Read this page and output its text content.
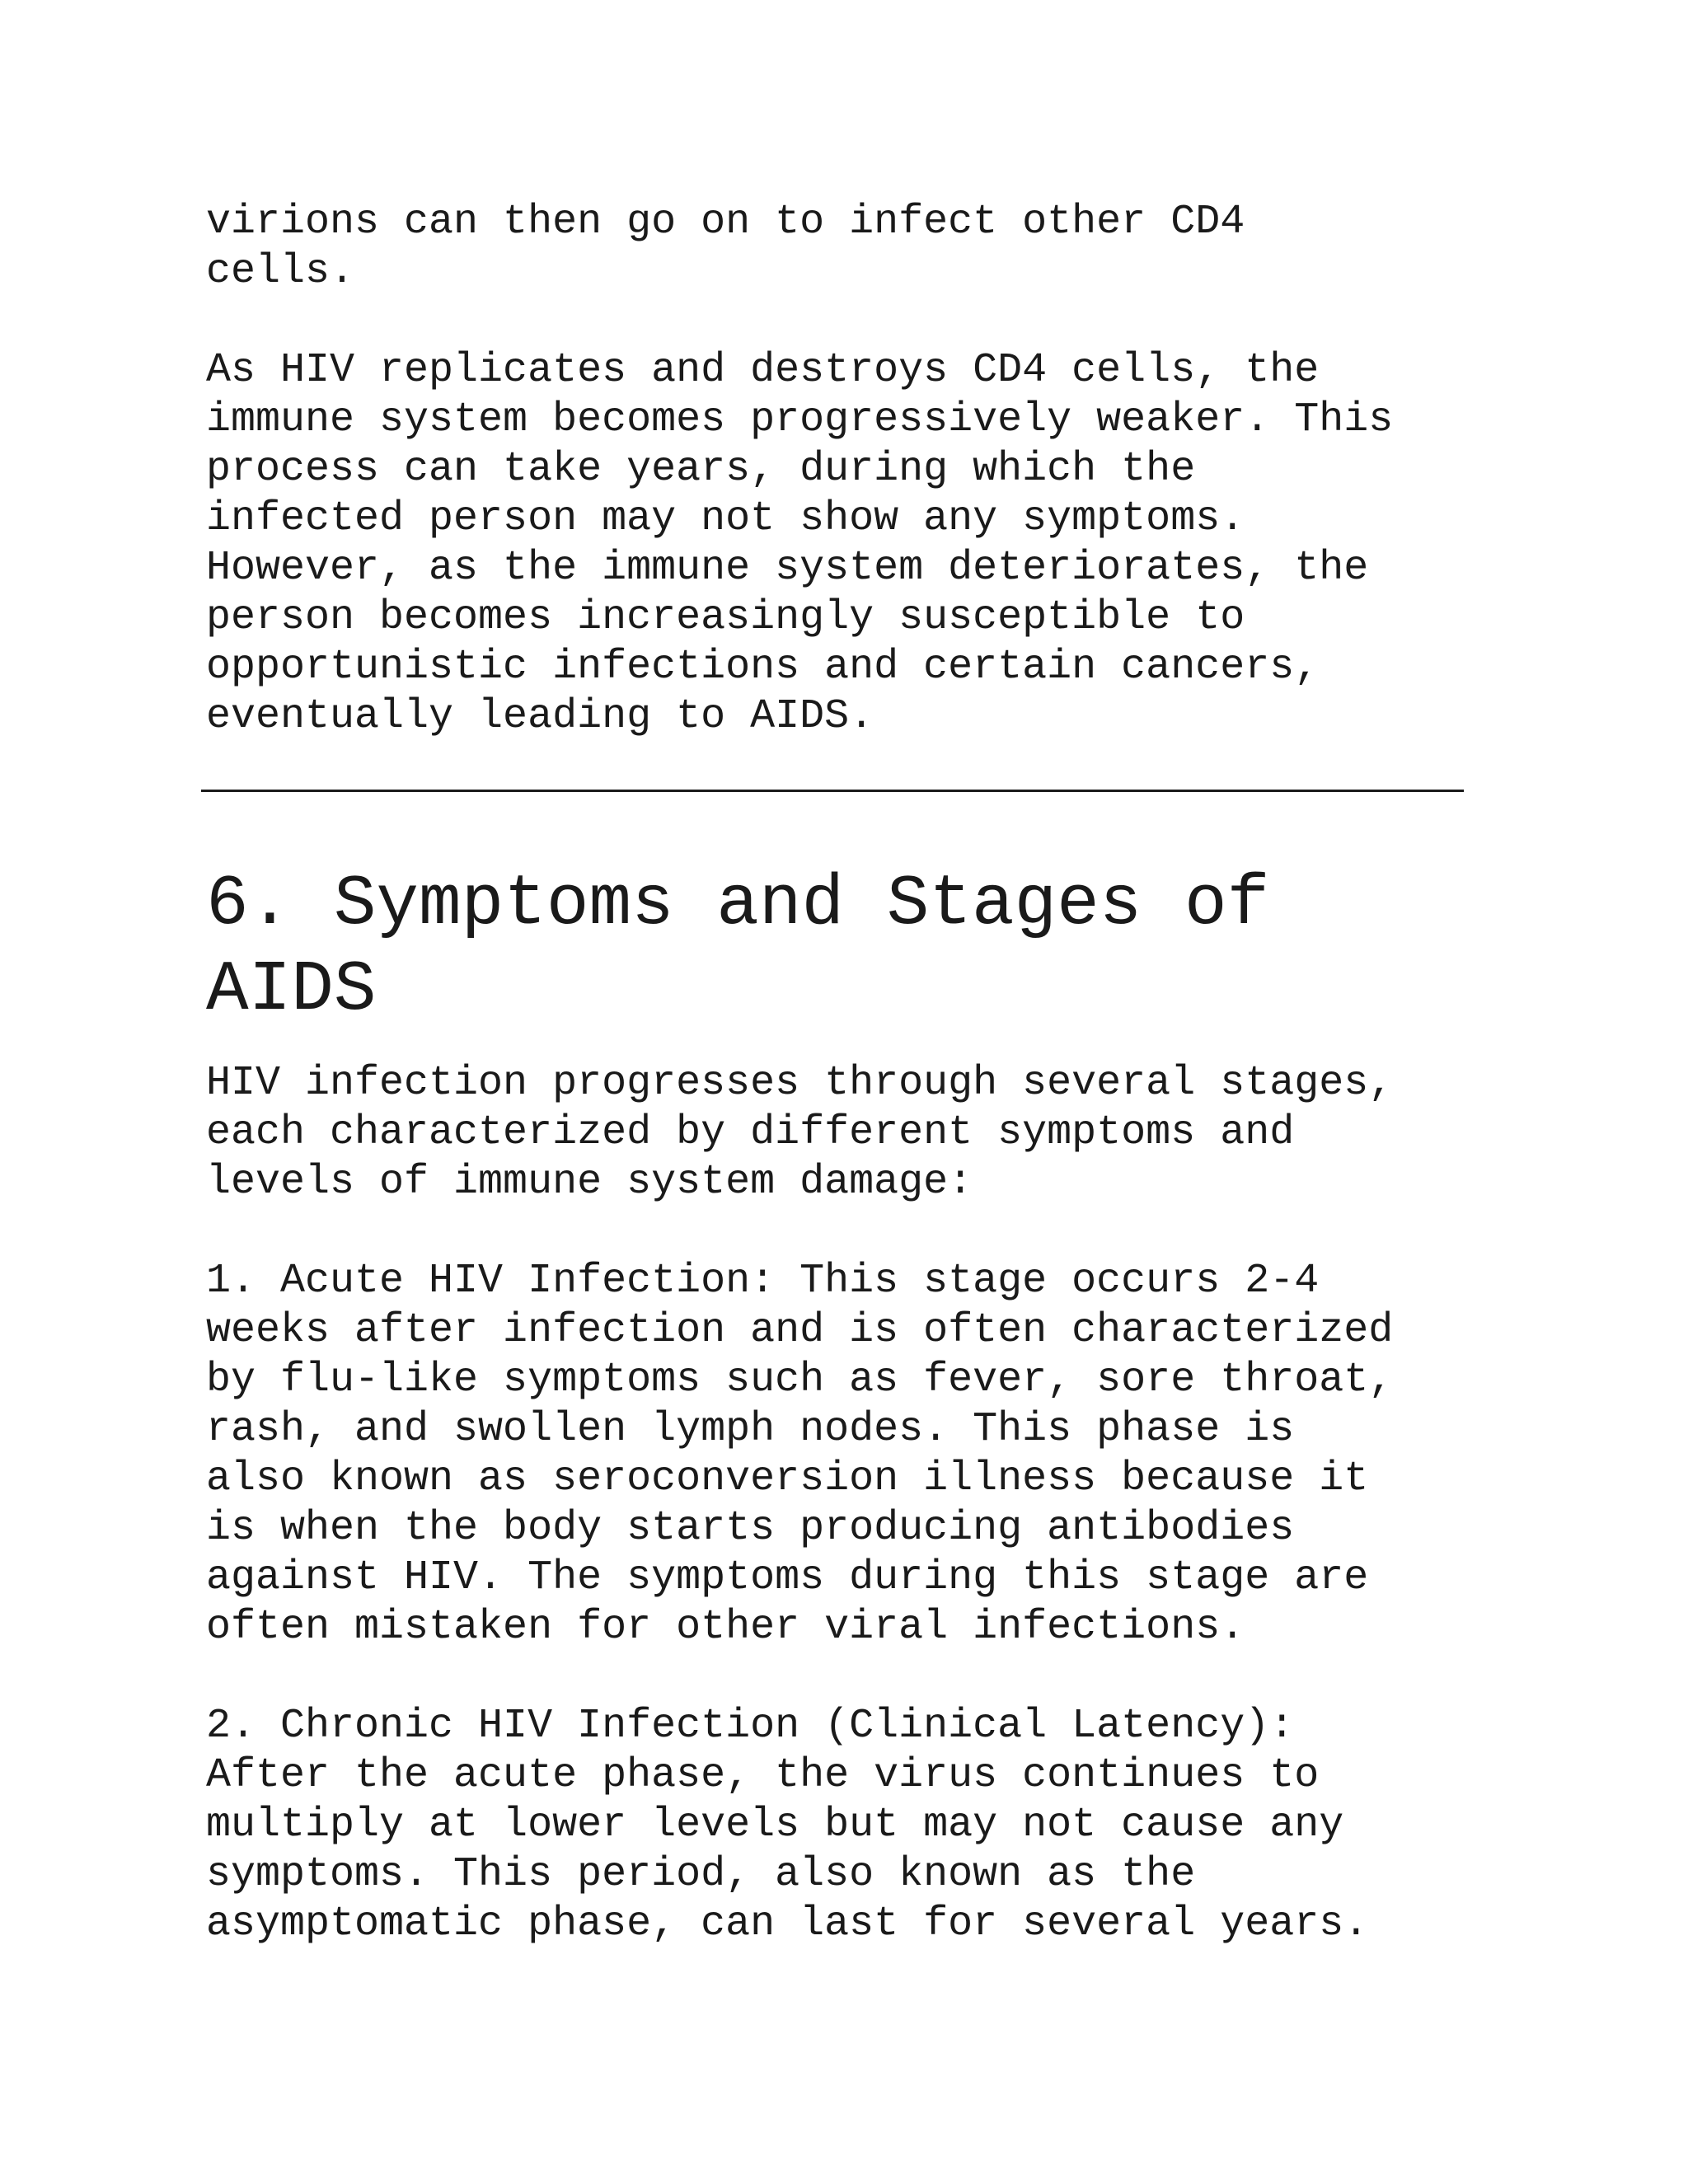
virions can then go on to infect other CD4
cells.

As HIV replicates and destroys CD4 cells, the
immune system becomes progressively weaker. This
process can take years, during which the
infected person may not show any symptoms.
However, as the immune system deteriorates, the
person becomes increasingly susceptible to
opportunistic infections and certain cancers,
eventually leading to AIDS.

6. Symptoms and Stages of
AIDS

HIV infection progresses through several stages,
each characterized by different symptoms and
levels of immune system damage:

1. Acute HIV Infection: This stage occurs 2-4
weeks after infection and is often characterized
by flu-like symptoms such as fever, sore throat,
rash, and swollen lymph nodes. This phase is
also known as seroconversion illness because it
is when the body starts producing antibodies
against HIV. The symptoms during this stage are
often mistaken for other viral infections.

2. Chronic HIV Infection (Clinical Latency):
After the acute phase, the virus continues to
multiply at lower levels but may not cause any
symptoms. This period, also known as the
asymptomatic phase, can last for several years.
